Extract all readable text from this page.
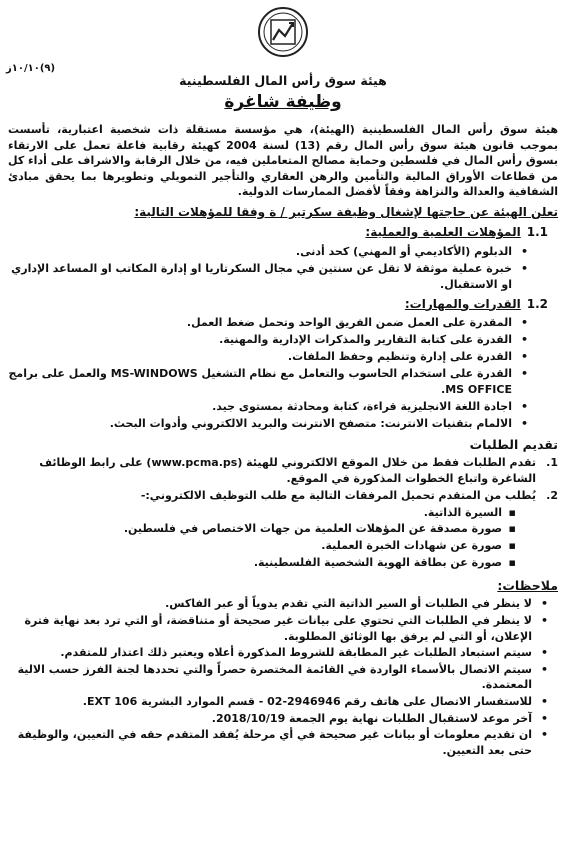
(٩)١٠/١٠ز
هيئة سوق رأس المال الفلسطينية
وظيفة شاغرة

هيئة سوق رأس المال الفلسطينية (الهيئة)، هي مؤسسة مستقلة ذات شخصية اعتبارية، تأسست بموجب قانون هيئة سوق رأس المال رقم (13) لسنة 2004 كهيئة رقابية فاعلة تعمل على الارتقاء بسوق رأس المال في فلسطين وحماية مصالح المتعاملين فيه، من خلال الرقابة والاشراف على أداء كل من قطاعات الأوراق المالية والتأمين والرهن العقاري والتأجير التمويلي وتطويرها بما يحقق مبادئ الشفافية والعدالة والنزاهة وفقاً لأفضل الممارسات الدولية.

تعلن الهيئة عن حاجتها لإشغال وظيفة سكرتير / ة وفقا للمؤهلات التالية:
1.1المؤهلات العلمية والعملية:
• الدبلوم (الأكاديمي أو المهني) كحد أدنى.
• خبرة عملية موثقة لا تقل عن سنتين في مجال السكرتاريا او إدارة المكاتب او المساعد الإداري او الاستقبال.
1.2القدرات والمهارات:
• المقدرة على العمل ضمن الفريق الواحد وتحمل ضغط العمل.
• القدرة على كتابة التقارير والمذكرات الإدارية والمهنية.
• القدرة على إدارة وتنظيم وحفظ الملفات.
• القدرة على استخدام الحاسوب والتعامل مع نظام التشغيل MS-WINDOWS والعمل على برامج MS OFFICE.
• اجادة اللغة الانجليزية قراءة، كتابة ومحادثة بمستوى جيد.
• الالمام بتقنيات الانترنت: متصفح الانترنت والبريد الالكتروني وأدوات البحث.
تقديم الطلبات
1.
تقدم الطلبات فقط من خلال الموقع الالكتروني للهيئة (www.pcma.ps) على رابط الوظائف الشاغرة واتباع الخطوات المذكورة في الموقع.
2.
يُطلب من المتقدم تحميل المرفقات التالية مع طلب التوظيف الالكتروني:-
▪ السيرة الذاتية.
▪ صورة مصدقة عن المؤهلات العلمية من جهات الاختصاص في فلسطين.
▪ صورة عن شهادات الخبرة العملية.
▪ صورة عن بطاقة الهوية الشخصية الفلسطينية.
ملاحظات:
• لا ينظر في الطلبات أو السير الذاتية التي تقدم يدوياً أو عبر الفاكس.
• لا ينظر في الطلبات التي تحتوي على بيانات غير صحيحة أو متناقضة، أو التي ترد بعد نهاية فترة الإعلان، أو التي لم يرفق بها الوثائق المطلوبة.
• سيتم استبعاد الطلبات غير المطابقة للشروط المذكورة أعلاه ويعتبر ذلك اعتذار للمتقدم.
• سيتم الاتصال بالأسماء الواردة في القائمة المختصرة حصراً والتي تحددها لجنة الفرز حسب الالية المعتمدة.
• للاستفسار الاتصال على هاتف رقم 2946946-02 - قسم الموارد البشرية EXT 106.
• آخر موعد لاستقبال الطلبات نهاية يوم الجمعة 2018/10/19.
• ان تقديم معلومات أو بيانات غير صحيحة في أي مرحلة يُفقد المتقدم حقه في التعيين، والوظيفة حتى بعد التعيين.
